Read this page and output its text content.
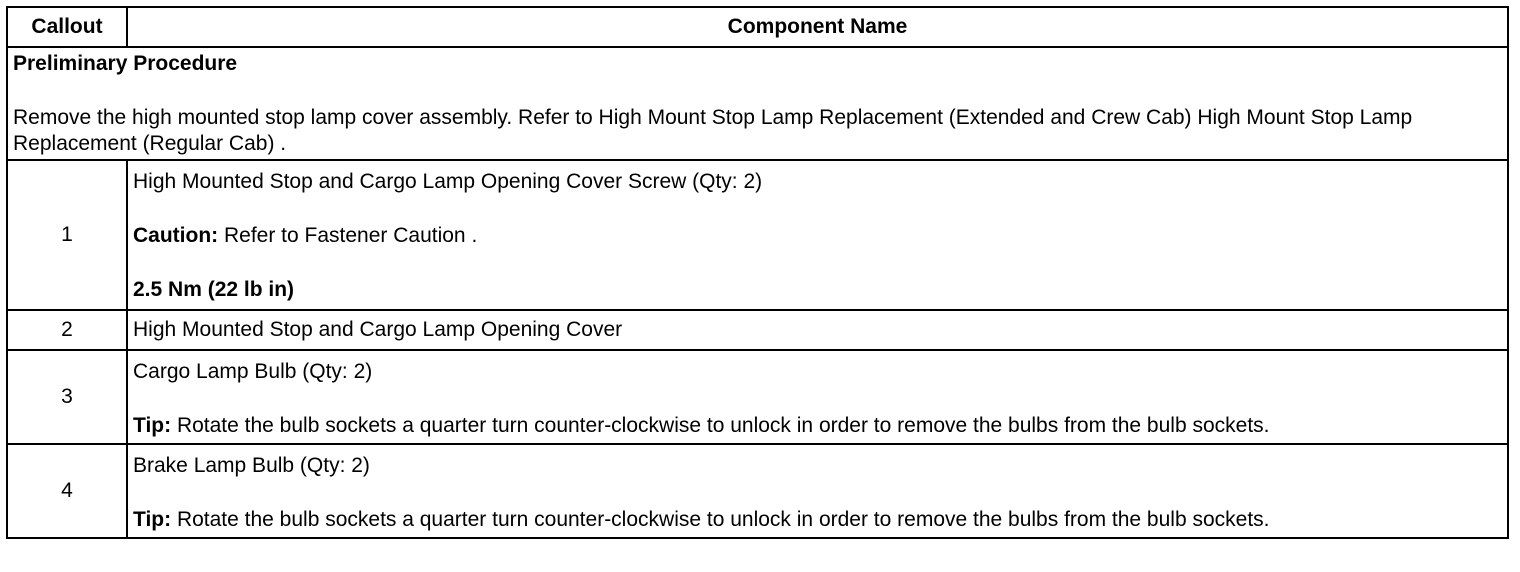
Callout	Component Name

Preliminary Procedure

Remove the high mounted stop lamp cover assembly. Refer to High Mount Stop Lamp Replacement (Extended and Crew Cab) High Mount Stop Lamp Replacement (Regular Cab) .	

1	High Mounted Stop and Cargo Lamp Opening Cover Screw (Qty: 2)

Caution: Refer to Fastener Caution .

2.5 Nm (22 lb in)

2	High Mounted Stop and Cargo Lamp Opening Cover

3	Cargo Lamp Bulb (Qty: 2)

Tip: Rotate the bulb sockets a quarter turn counter-clockwise to unlock in order to remove the bulbs from the bulb sockets.

4	Brake Lamp Bulb (Qty: 2)

Tip: Rotate the bulb sockets a quarter turn counter-clockwise to unlock in order to remove the bulbs from the bulb sockets.
